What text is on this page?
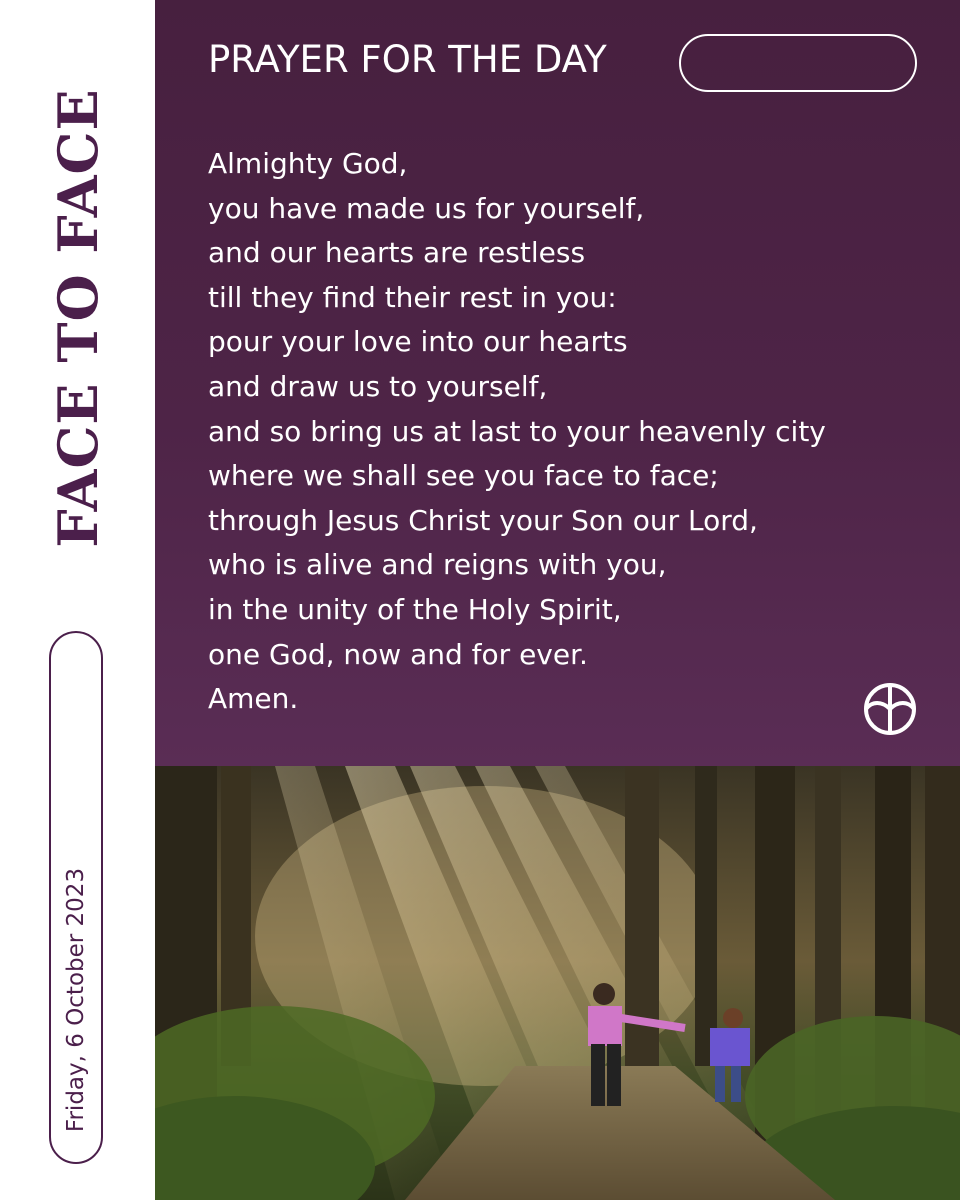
FACE TO FACE
Friday, 6 October 2023
PRAYER FOR THE DAY
Almighty God,
you have made us for yourself,
and our hearts are restless
till they find their rest in you:
pour your love into our hearts
and draw us to yourself,
and so bring us at last to your heavenly city
where we shall see you face to face;
through Jesus Christ your Son our Lord,
who is alive and reigns with you,
in the unity of the Holy Spirit,
one God, now and for ever.
Amen.
